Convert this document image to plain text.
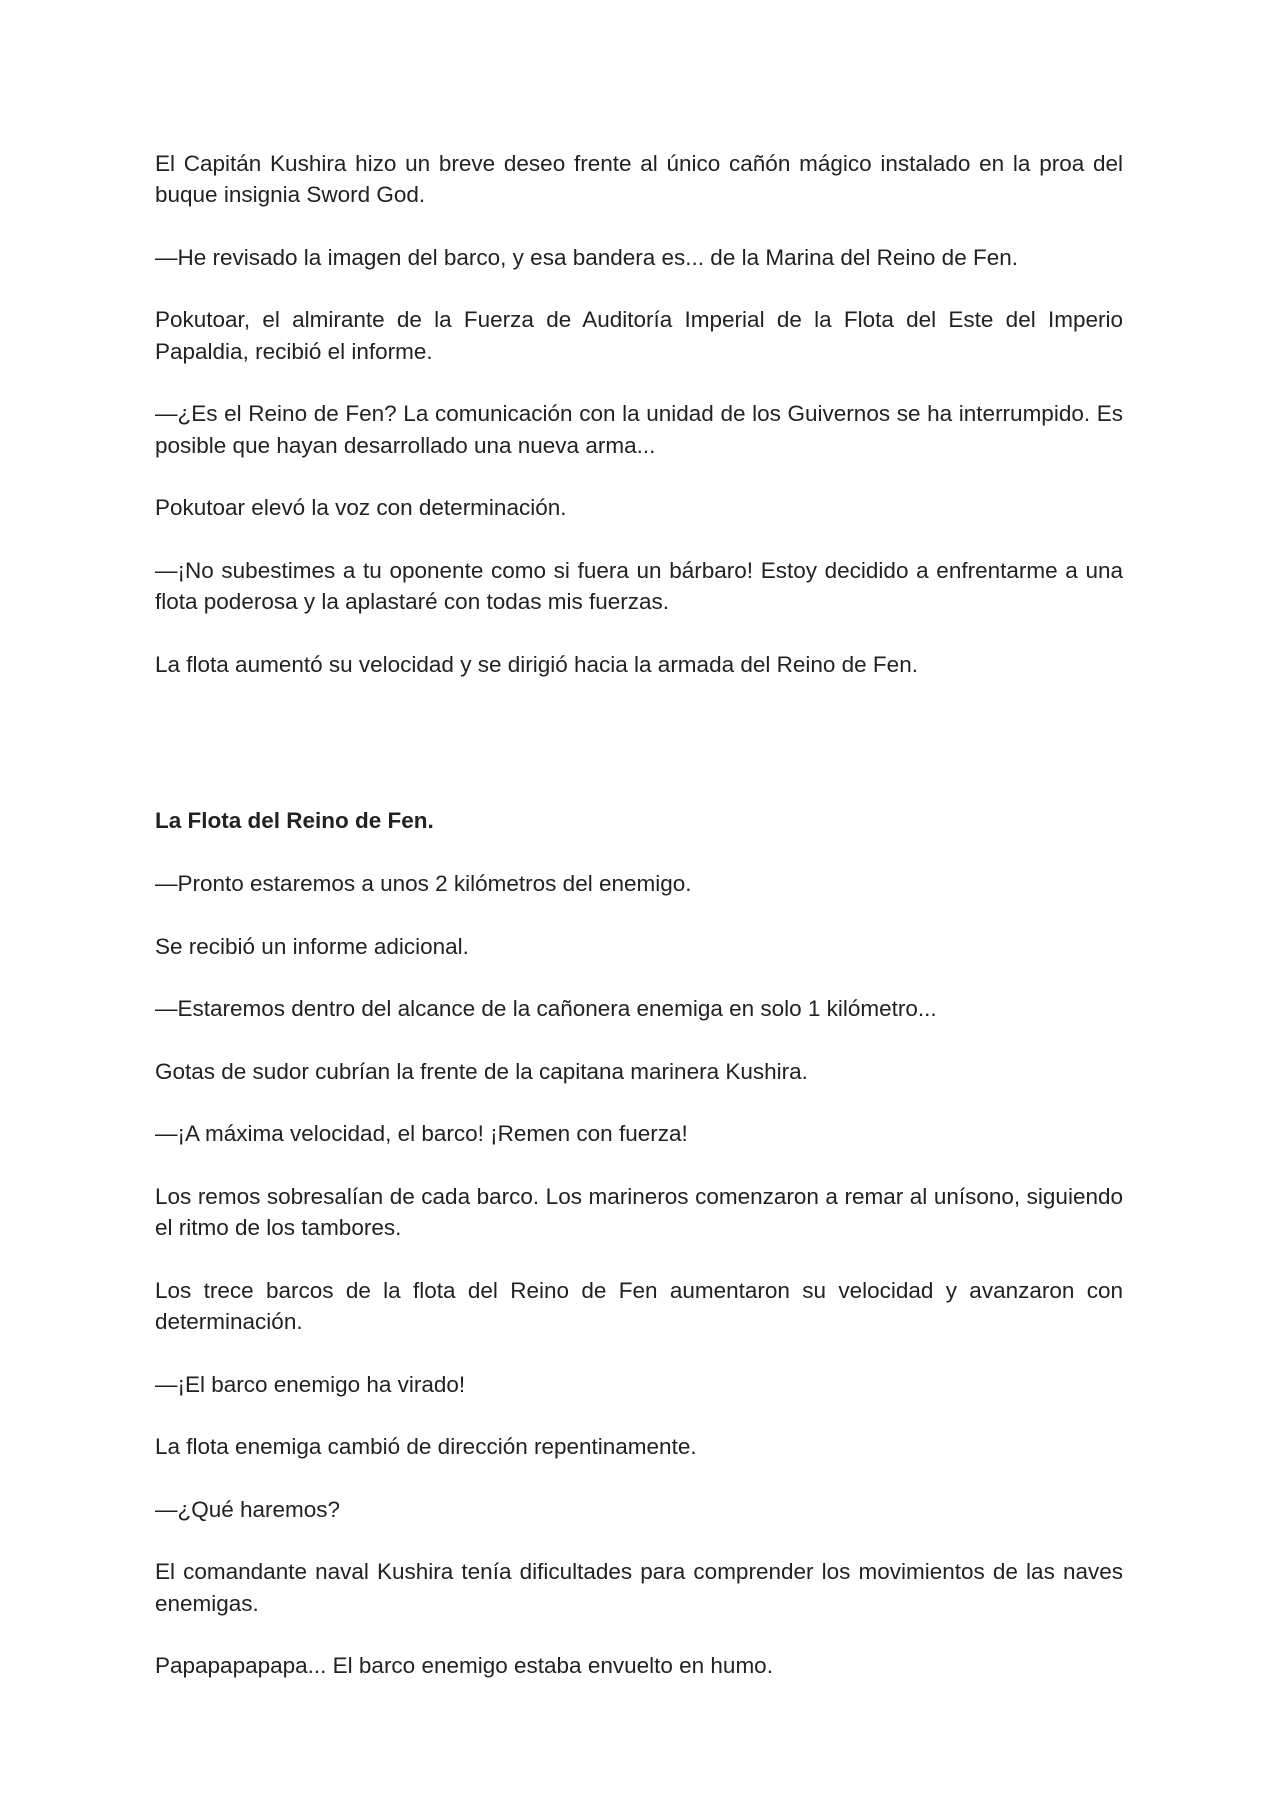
El Capitán Kushira hizo un breve deseo frente al único cañón mágico instalado en la proa del buque insignia Sword God.

—He revisado la imagen del barco, y esa bandera es... de la Marina del Reino de Fen.

Pokutoar, el almirante de la Fuerza de Auditoría Imperial de la Flota del Este del Imperio Papaldia, recibió el informe.

—¿Es el Reino de Fen? La comunicación con la unidad de los Guivernos se ha interrumpido. Es posible que hayan desarrollado una nueva arma...

Pokutoar elevó la voz con determinación.

—¡No subestimes a tu oponente como si fuera un bárbaro! Estoy decidido a enfrentarme a una flota poderosa y la aplastaré con todas mis fuerzas.

La flota aumentó su velocidad y se dirigió hacia la armada del Reino de Fen.

La Flota del Reino de Fen.

—Pronto estaremos a unos 2 kilómetros del enemigo.

Se recibió un informe adicional.

—Estaremos dentro del alcance de la cañonera enemiga en solo 1 kilómetro...

Gotas de sudor cubrían la frente de la capitana marinera Kushira.

—¡A máxima velocidad, el barco! ¡Remen con fuerza!

Los remos sobresalían de cada barco. Los marineros comenzaron a remar al unísono, siguiendo el ritmo de los tambores.

Los trece barcos de la flota del Reino de Fen aumentaron su velocidad y avanzaron con determinación.

—¡El barco enemigo ha virado!

La flota enemiga cambió de dirección repentinamente.

—¿Qué haremos?

El comandante naval Kushira tenía dificultades para comprender los movimientos de las naves enemigas.

Papapapapapa... El barco enemigo estaba envuelto en humo.
